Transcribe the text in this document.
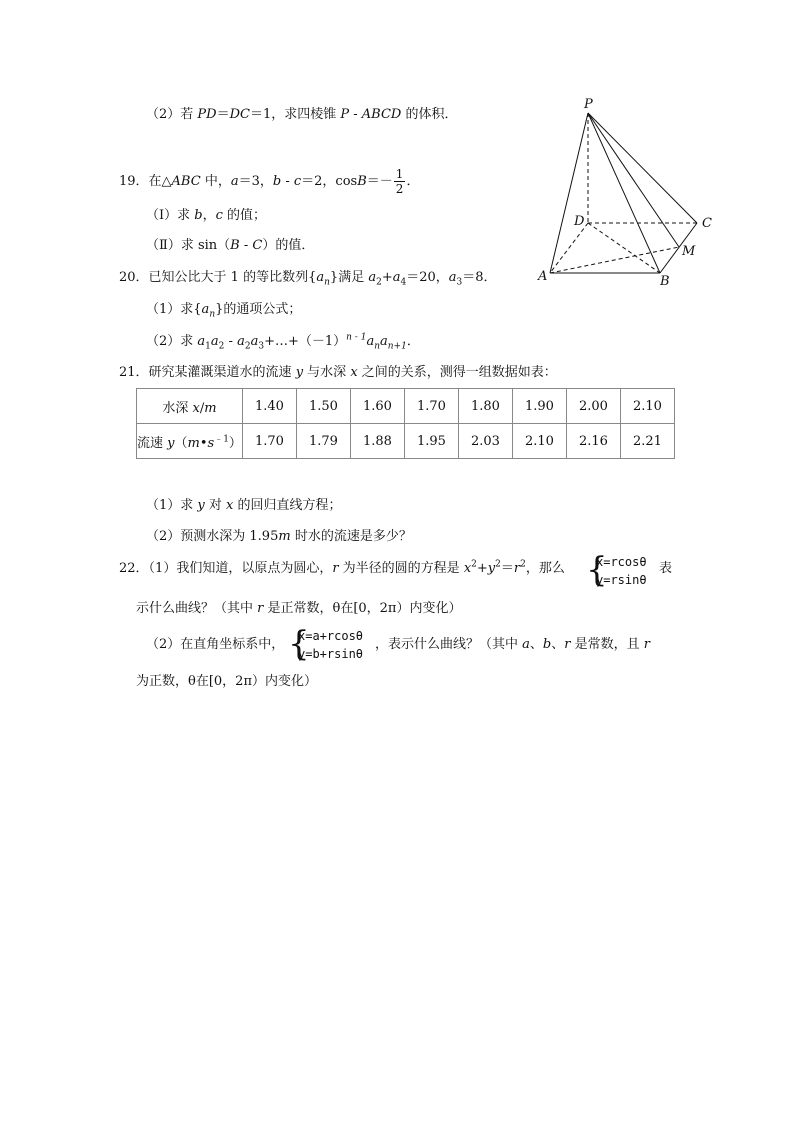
（2）若 PD＝DC＝1，求四棱锥 P - ABCD 的体积．
19．在△ABC 中，a＝3，b - c＝2，$\cos B=- \frac{1}{2}$ ．
（Ⅰ）求 b，c 的值；
（Ⅱ）求 sin（B - C）的值．
20．已知公比大于 1 的等比数列$\{a_n\}$满足 $a_2+a_4=20$，$a_3=8$．
（1）求$\{a_n\}$的通项公式；
（2）求 $a_1a_2$ - $a_2a_3+\dots+(-1)^{n - 1}a_na_{n+1}$．
21．研究某灌溉渠道水的流速 y 与水深 x 之间的关系，测得一组数据如表：
水深 x/m	1.40	1.50	1.60	1.70	1.80	1.90	2.00	2.10
流速 $y(m•s^{﹣1})$	1.70	1.79	1.88	1.95	2.03	2.10	2.16	2.21
（1）求 y 对 x 的回归直线方程；
（2）预测水深为 1.95m 时水的流速是多少？
22．（1）我们知道，以原点为圆心，r 为半径的圆的方程是 $x^2+y^2=r^2$，那么 {
x=rcosθ
y=rsinθ
表
示什么曲线？（其中 r 是正常数，θ在[0，2π）内变化）
（2）在直角坐标系中， {
x=a+rcosθ
y=b+rsinθ
，表示什么曲线？（其中 a、b、r 是常数，且 r
为正数，θ在[0，2π）内变化）
P
D	C
M
A	B
